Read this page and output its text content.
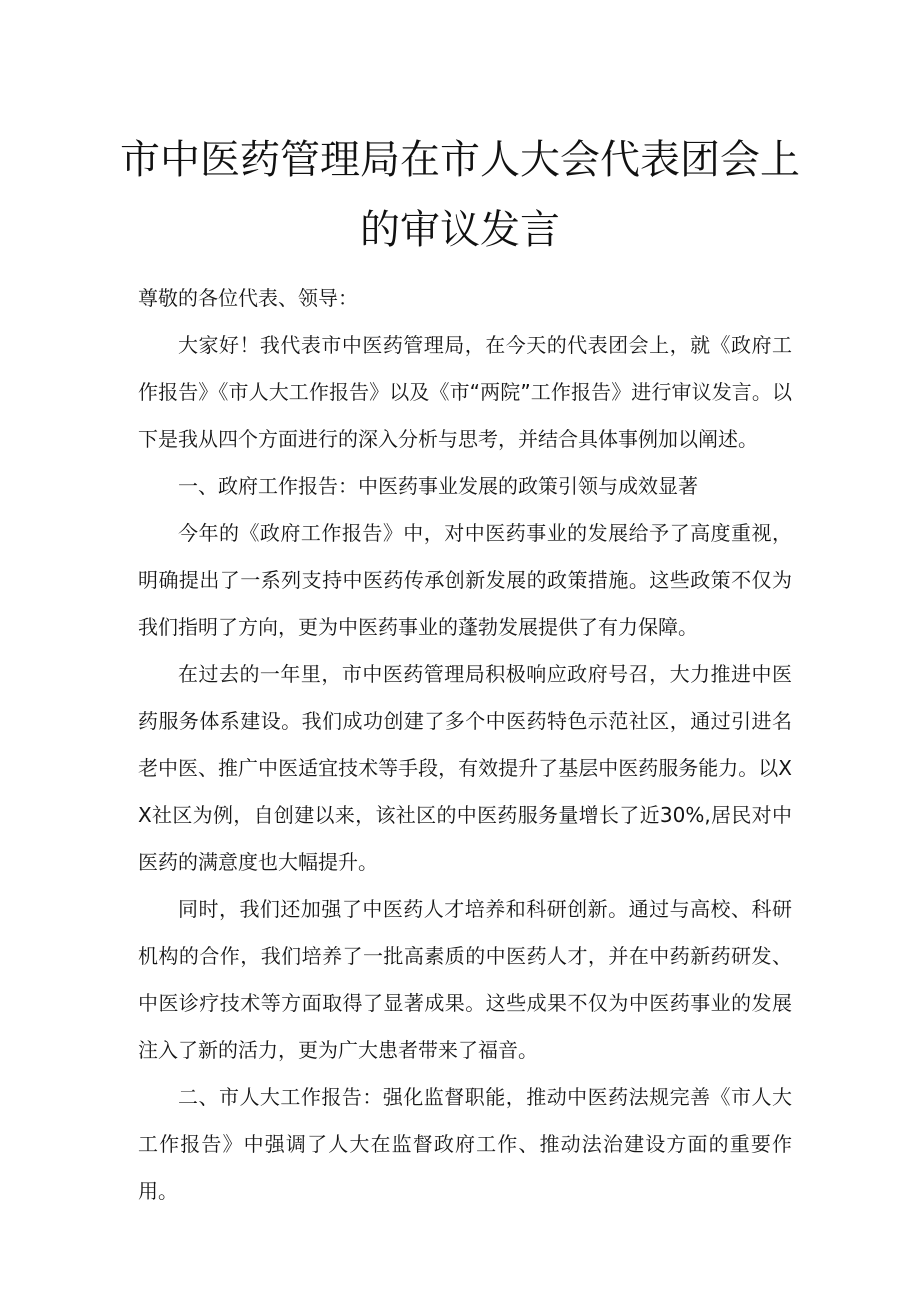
市中医药管理局在市人大会代表团会上
的审议发言

尊敬的各位代表、领导：

大家好！我代表市中医药管理局，在今天的代表团会上，就《政府工作报告》《市人大工作报告》以及《市“两院”工作报告》进行审议发言。以下是我从四个方面进行的深入分析与思考，并结合具体事例加以阐述。

一、政府工作报告：中医药事业发展的政策引领与成效显著

今年的《政府工作报告》中，对中医药事业的发展给予了高度重视，明确提出了一系列支持中医药传承创新发展的政策措施。这些政策不仅为我们指明了方向，更为中医药事业的蓬勃发展提供了有力保障。

在过去的一年里，市中医药管理局积极响应政府号召，大力推进中医药服务体系建设。我们成功创建了多个中医药特色示范社区，通过引进名老中医、推广中医适宜技术等手段，有效提升了基层中医药服务能力。以XX社区为例，自创建以来，该社区的中医药服务量增长了近30%,居民对中医药的满意度也大幅提升。

同时，我们还加强了中医药人才培养和科研创新。通过与高校、科研机构的合作，我们培养了一批高素质的中医药人才，并在中药新药研发、中医诊疗技术等方面取得了显著成果。这些成果不仅为中医药事业的发展注入了新的活力，更为广大患者带来了福音。

二、市人大工作报告：强化监督职能，推动中医药法规完善《市人大工作报告》中强调了人大在监督政府工作、推动法治建设方面的重要作用。
